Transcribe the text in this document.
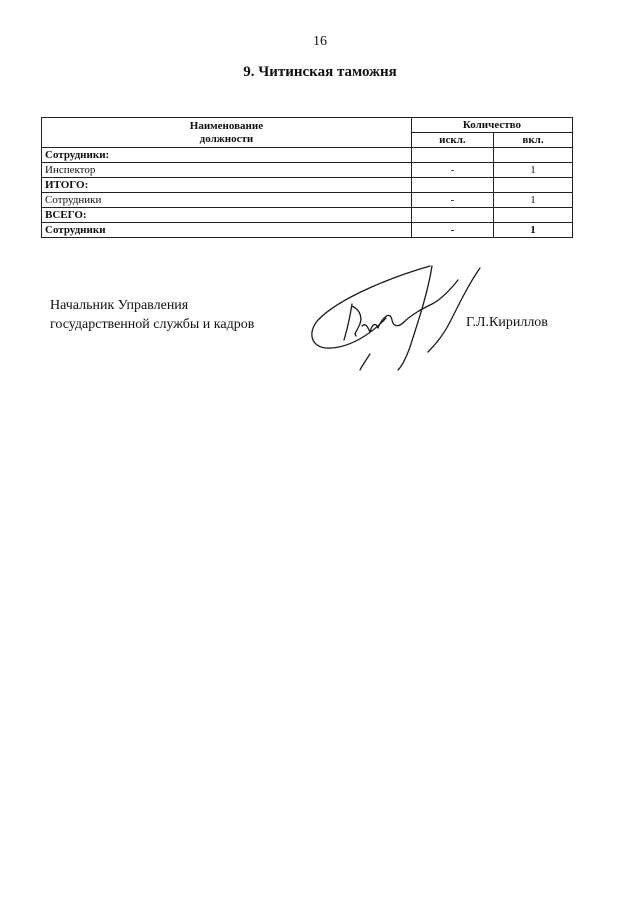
16
9. Читинская таможня
Наименование
должности	Количество	
	искл.	вкл.
Сотрудники:		
Инспектор	-	1
ИТОГО:		
Сотрудники	-	1
ВСЕГО:		
Сотрудники	-	1
Начальник Управления
государственной службы и кадров	Г.Л.Кириллов
